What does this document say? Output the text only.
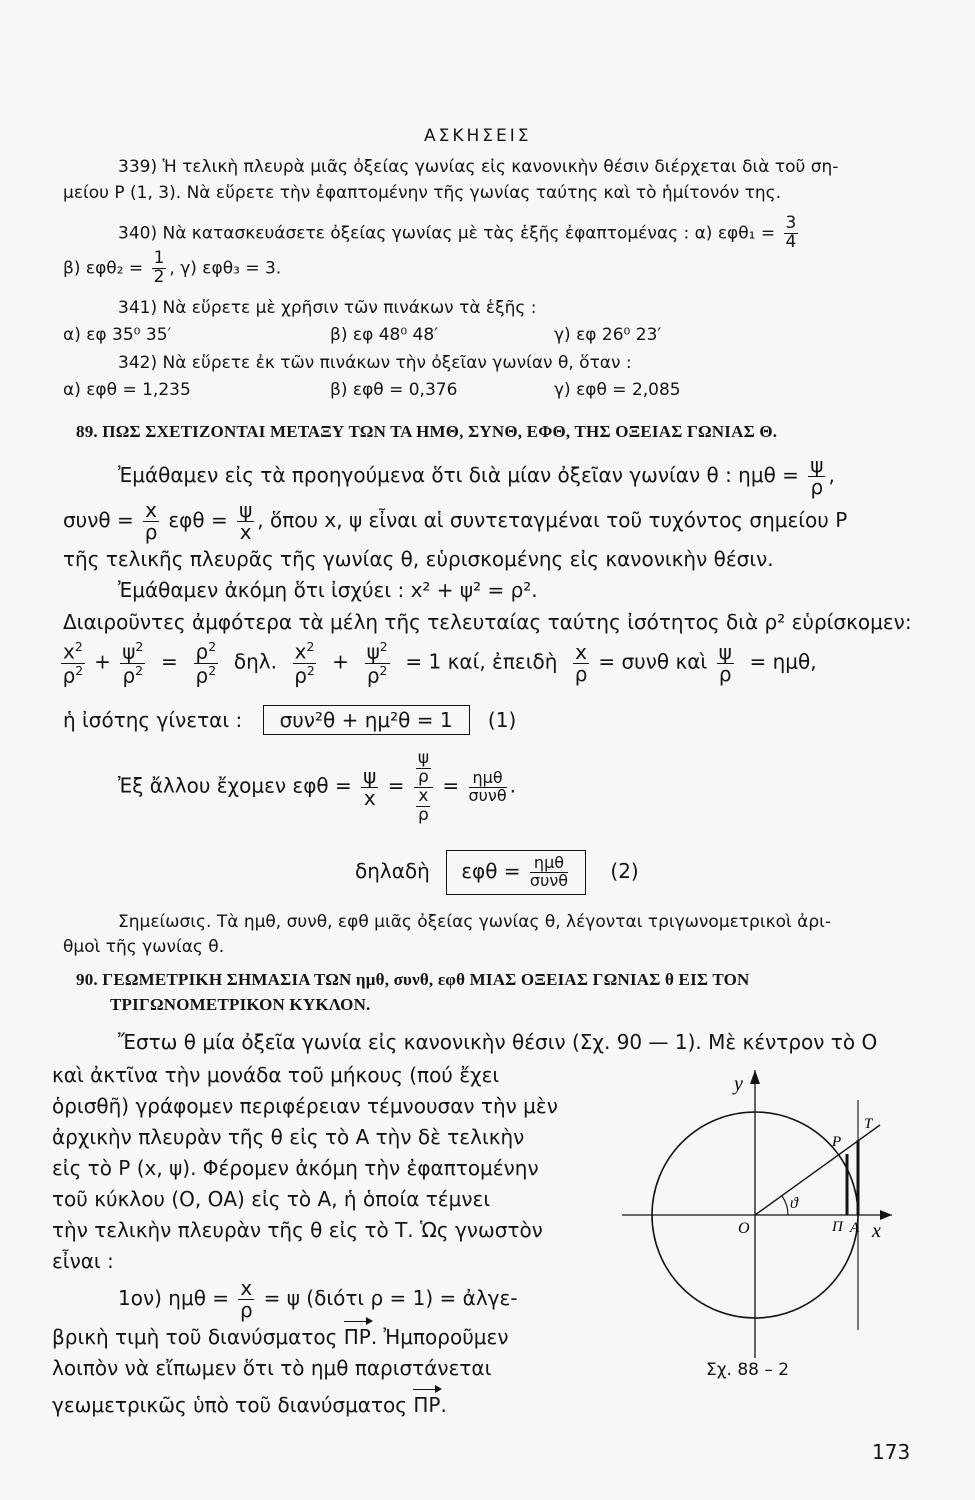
ΑΣΚΗΣΕΙΣ
339) Ἡ τελικὴ πλευρὰ μιᾶς ὀξείας γωνίας εἰς κανονικὴν θέσιν διέρχεται διὰ τοῦ ση-
μείου Ρ (1, 3). Νὰ εὕρετε τὴν ἐφαπτομένην τῆς γωνίας ταύτης καὶ τὸ ἡμίτονόν της.
340) Νὰ κατασκευάσετε ὀξείας γωνίας μὲ τὰς ἑξῆς ἐφαπτομένας : α) $\varepsilon\varphi\theta_1 = \frac{3}{4}$
β) $\varepsilon\varphi\theta_2 = \frac{1}{2}$ , γ) εφθ₃ = 3.
341) Νὰ εὕρετε μὲ χρῆσιν τῶν πινάκων τὰ ἑξῆς :
α) εφ 35⁰ 35′	β) εφ 48⁰ 48′	γ) εφ 26⁰ 23′
342) Νὰ εὕρετε ἐκ τῶν πινάκων τὴν ὀξεῖαν γωνίαν θ, ὅταν :
α) εφθ = 1,235	β) εφθ = 0,376	γ) εφθ = 2,085
89. ΠΩΣ ΣΧΕΤΙΖΟΝΤΑΙ ΜΕΤΑΞΥ ΤΩΝ ΤΑ ΗΜΘ, ΣΥΝΘ, ΕΦΘ, ΤΗΣ ΟΞΕΙΑΣ ΓΩΝΙΑΣ Θ.
Ἐμάθαμεν εἰς τὰ προηγούμενα ὅτι διὰ μίαν ὀξεῖαν γωνίαν θ : $\eta\mu\theta = \frac{\psi}{\rho}$ ,
$\sigma\upsilon\nu\theta = \frac{x}{\rho}$ $\varepsilon\varphi\theta = \frac{\psi}{x}$ , ὅπου x, ψ εἶναι αἱ συντεταγμέναι τοῦ τυχόντος σημείου Ρ
τῆς τελικῆς πλευρᾶς τῆς γωνίας θ, εὑρισκομένης εἰς κανονικὴν θέσιν.
Ἐμάθαμεν ἀκόμη ὅτι ἰσχύει : x² + ψ² = ρ².
Διαιροῦντες ἀμφότερα τὰ μέλη τῆς τελευταίας ταύτης ἰσότητος διὰ ρ² εὑρίσκομεν:
$\frac{x^2}{\rho^2} + \frac{\psi^2}{\rho^2} = \frac{\rho^2}{\rho^2} \delta\eta\lambda$. $\frac{x^2}{\rho^2} + \frac{\psi^2}{\rho^2} = 1$ καί, ἐπειδὴ $\frac{x}{\rho} = \sigma\upsilon\nu\theta$ καὶ $\frac{\psi}{\rho} = \eta\mu\theta$,
ἡ ἰσότης γίνεται : συν²θ + ημ²θ = 1 (1)
Ἐξ ἄλλου ἔχομεν $\varepsilon\varphi\theta = \frac{\psi}{x} = \frac{\frac{\psi}{\rho}}{\frac{x}{\rho}} = \frac{\text{ημθ}}{\text{συνθ}}$ .
δηλαδὴ $\varepsilon\varphi\theta = \frac{\text{ημθ}}{\text{συνθ}} (2)$
Σημείωσις. Τὰ ημθ, συνθ, εφθ μιᾶς ὀξείας γωνίας θ, λέγονται τριγωνομετρικοὶ ἀρι-
θμοὶ τῆς γωνίας θ.
90. ΓΕΩΜΕΤΡΙΚΗ ΣΗΜΑΣΙΑ ΤΩΝ ημθ, συνθ, εφθ ΜΙΑΣ ΟΞΕΙΑΣ ΓΩΝΙΑΣ θ ΕΙΣ ΤΟΝ
ΤΡΙΓΩΝΟΜΕΤΡΙΚΟΝ ΚΥΚΛΟΝ.
Ἔστω θ μία ὀξεῖα γωνία εἰς κανονικὴν θέσιν (Σχ. 90 — 1). Μὲ κέντρον τὸ Ο
καὶ ἀκτῖνα τὴν μονάδα τοῦ μήκους (πού ἔχει
ὁρισθῆ) γράφομεν περιφέρειαν τέμνουσαν τὴν μὲν
ἀρχικὴν πλευρὰν τῆς θ εἰς τὸ Α τὴν δὲ τελικὴν
εἰς τὸ Ρ (x, ψ). Φέρομεν ἀκόμη τὴν ἐφαπτομένην
τοῦ κύκλου (Ο, ΟΑ) εἰς τὸ Α, ἡ ὁποία τέμνει
τὴν τελικὴν πλευρὰν τῆς θ εἰς τὸ Τ. Ὡς γνωστὸν
εἶναι :
1ον) $\eta\mu\theta = \frac{x}{\rho} = \psi$ (διότι ρ = 1) = ἀλγε-
βρικὴ τιμὴ τοῦ διανύσματος ΠΡ. Ἠμποροῦμεν
λοιπὸν νὰ εἴπωμεν ὅτι τὸ ημθ παριστάνεται
γεωμετρικῶς ὑπὸ τοῦ διανύσματος ΠΡ.
y
x
O
P
T
Π A
ϑ
Σχ. 88 – 2
173
